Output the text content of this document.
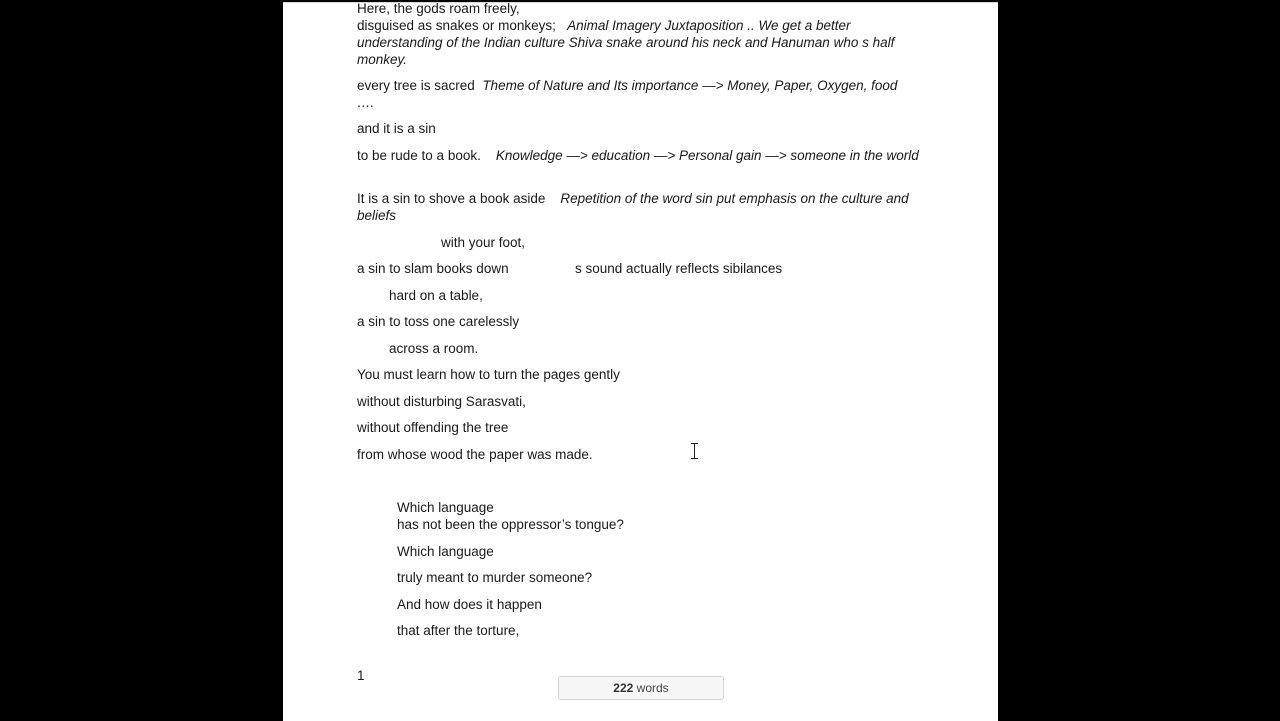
Here, the gods roam freely,
disguised as snakes or monkeys; Animal Imagery Juxtaposition .. We get a better understanding of the Indian culture Shiva snake around his neck and Hanuman who s half monkey.
every tree is sacred Theme of Nature and Its importance —> Money, Paper, Oxygen, food ….
and it is a sin
to be rude to a book. Knowledge —> education —> Personal gain —> someone in the world
It is a sin to shove a book aside Repetition of the word sin put emphasis on the culture and beliefs
with your foot,
a sin to slam books down	s sound actually reflects sibilances
hard on a table,
a sin to toss one carelessly
across a room.
You must learn how to turn the pages gently
without disturbing Sarasvati,
without offending the tree
from whose wood the paper was made.
Which language
has not been the oppressor’s tongue?
Which language
truly meant to murder someone?
And how does it happen
that after the torture,
1
222 words
